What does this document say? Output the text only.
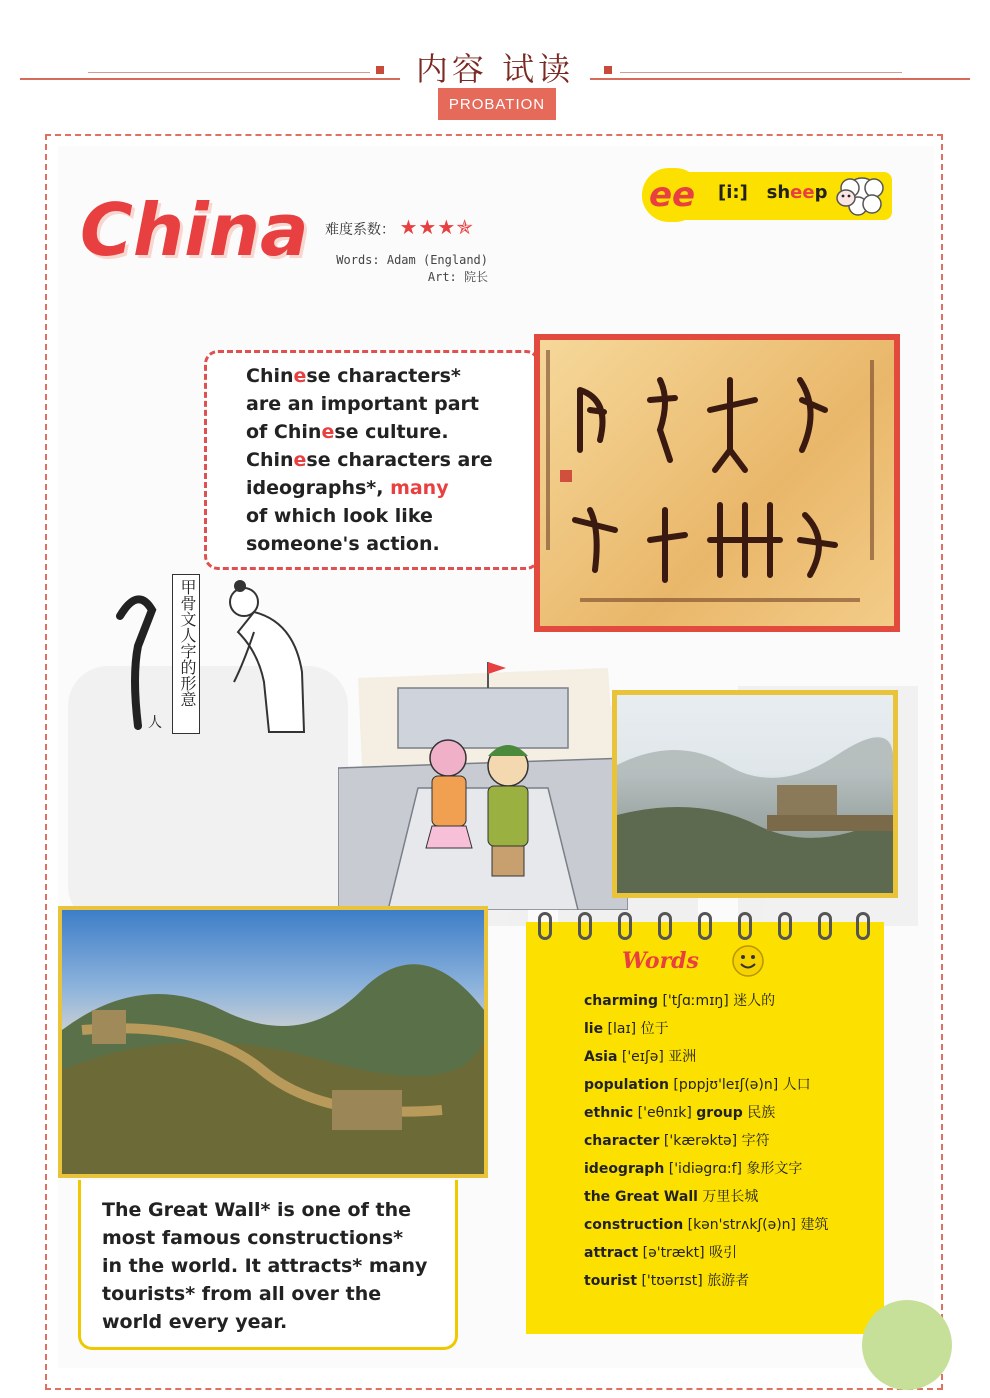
内容 试读
PROBATION
China 难度系数： ★★★✯
Words: Adam (England)
Art: 院长
ee	[i:] sheep
Chinese characters*
are an important part
of Chinese culture.
Chinese characters are
ideographs*, many
of which look like
someone's action.
人
甲骨文人字的形意
The Great Wall* is one of the
most famous constructions*
in the world. It attracts* many
tourists* from all over the
world every year.
Words
charming ['tʃɑːmɪŋ] 迷人的
lie [laɪ] 位于
Asia ['eɪʃə] 亚洲
population [pɒpjʊ'leɪʃ(ə)n] 人口
ethnic ['eθnɪk] group 民族
character ['kærəktə] 字符
ideograph ['idiəgrɑ:f] 象形文字
the Great Wall 万里长城
construction [kən'strʌkʃ(ə)n] 建筑
attract [ə'trækt] 吸引
tourist ['tʊərɪst] 旅游者
